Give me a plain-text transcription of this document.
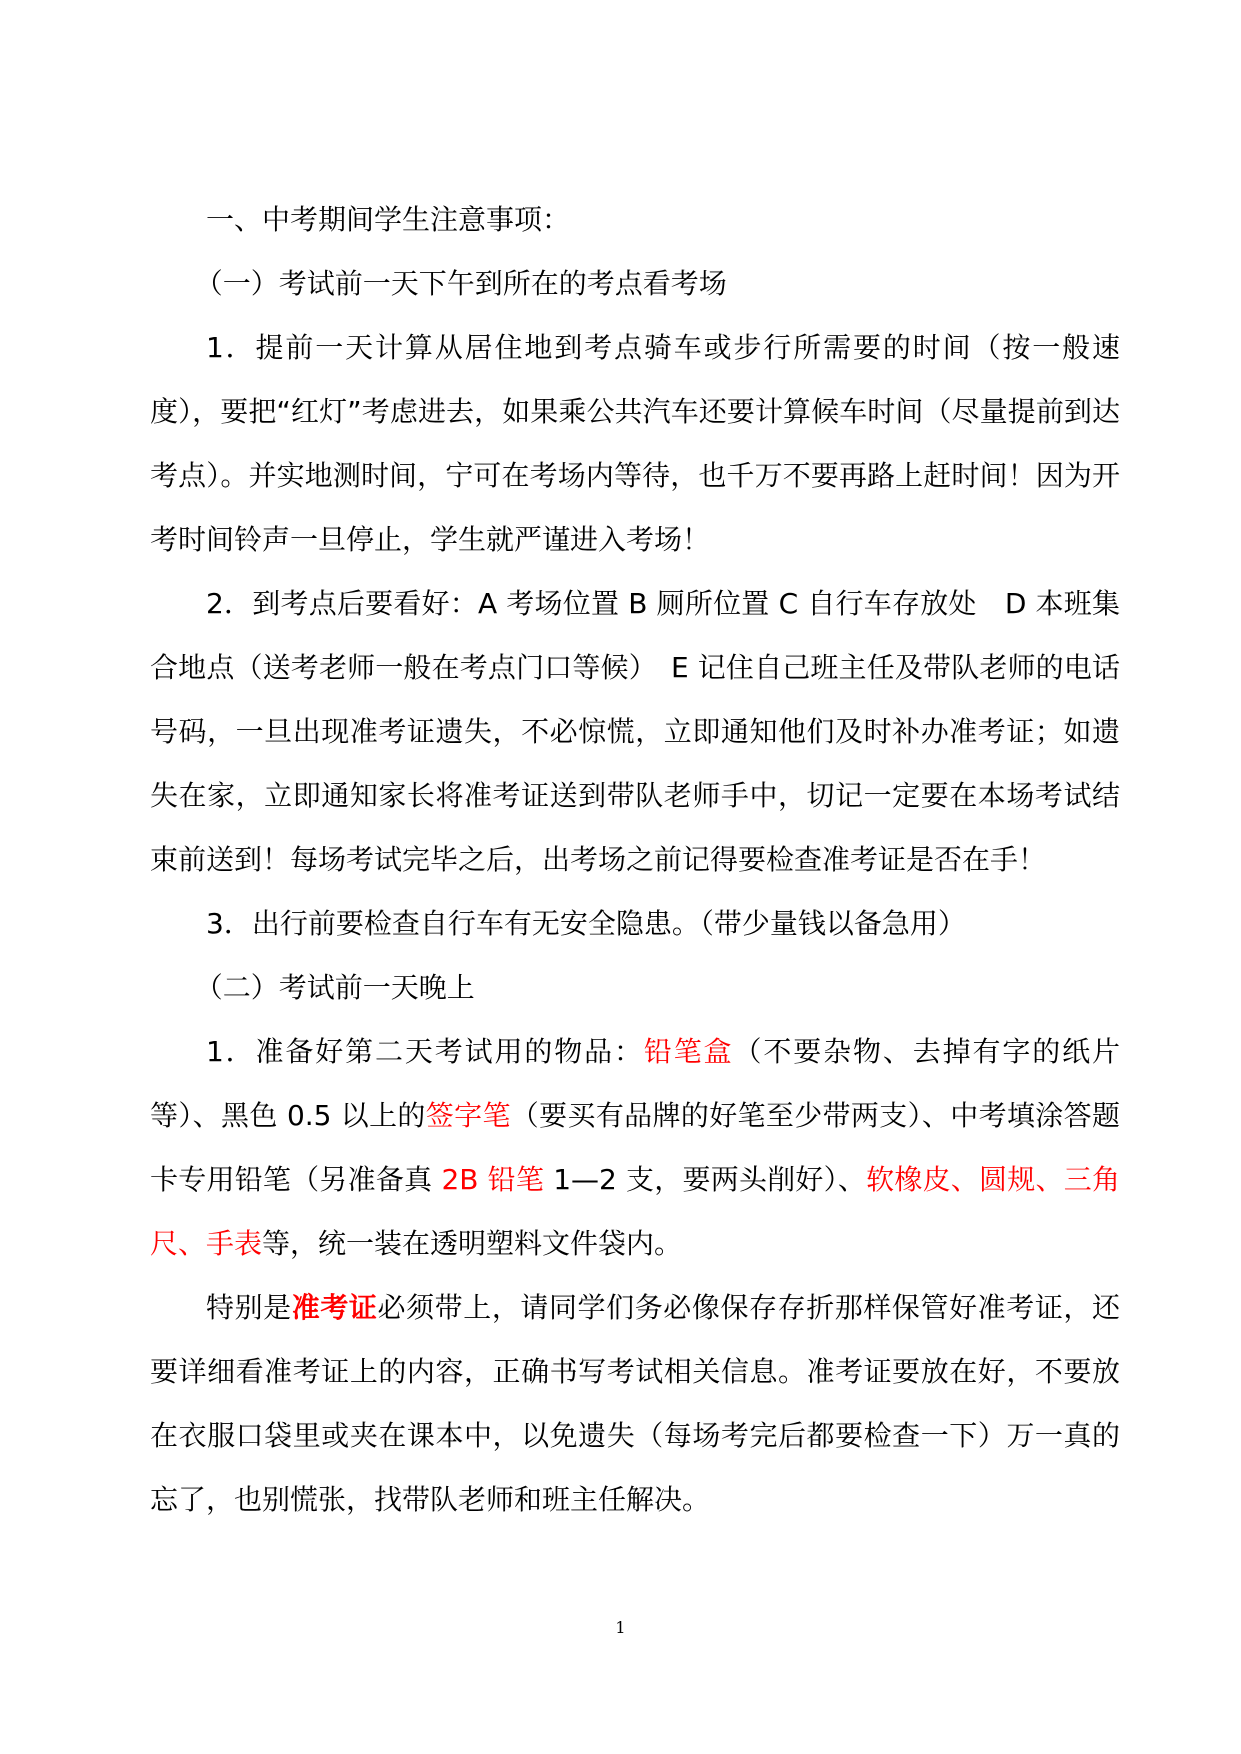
一、中考期间学生注意事项：

（一）考试前一天下午到所在的考点看考场

1．提前一天计算从居住地到考点骑车或步行所需要的时间（按一般速度），要把“红灯”考虑进去，如果乘公共汽车还要计算候车时间（尽量提前到达考点）。并实地测时间，宁可在考场内等待，也千万不要再路上赶时间！因为开考时间铃声一旦停止，学生就严谨进入考场！

2．到考点后要看好：A 考场位置 B 厕所位置 C 自行车存放处　D 本班集合地点（送考老师一般在考点门口等候）　E 记住自己班主任及带队老师的电话号码，一旦出现准考证遗失，不必惊慌，立即通知他们及时补办准考证；如遗失在家，立即通知家长将准考证送到带队老师手中，切记一定要在本场考试结束前送到！每场考试完毕之后，出考场之前记得要检查准考证是否在手！

3．出行前要检查自行车有无安全隐患。（带少量钱以备急用）

（二）考试前一天晚上

1．准备好第二天考试用的物品：铅笔盒（不要杂物、去掉有字的纸片等）、黑色 0.5 以上的签字笔（要买有品牌的好笔至少带两支）、中考填涂答题卡专用铅笔（另准备真 2B 铅笔 1—2 支，要两头削好）、软橡皮、圆规、三角尺、手表等，统一装在透明塑料文件袋内。

特别是准考证必须带上，请同学们务必像保存存折那样保管好准考证，还要详细看准考证上的内容，正确书写考试相关信息。准考证要放在好，不要放在衣服口袋里或夹在课本中，以免遗失（每场考完后都要检查一下）万一真的忘了，也别慌张，找带队老师和班主任解决。

1
